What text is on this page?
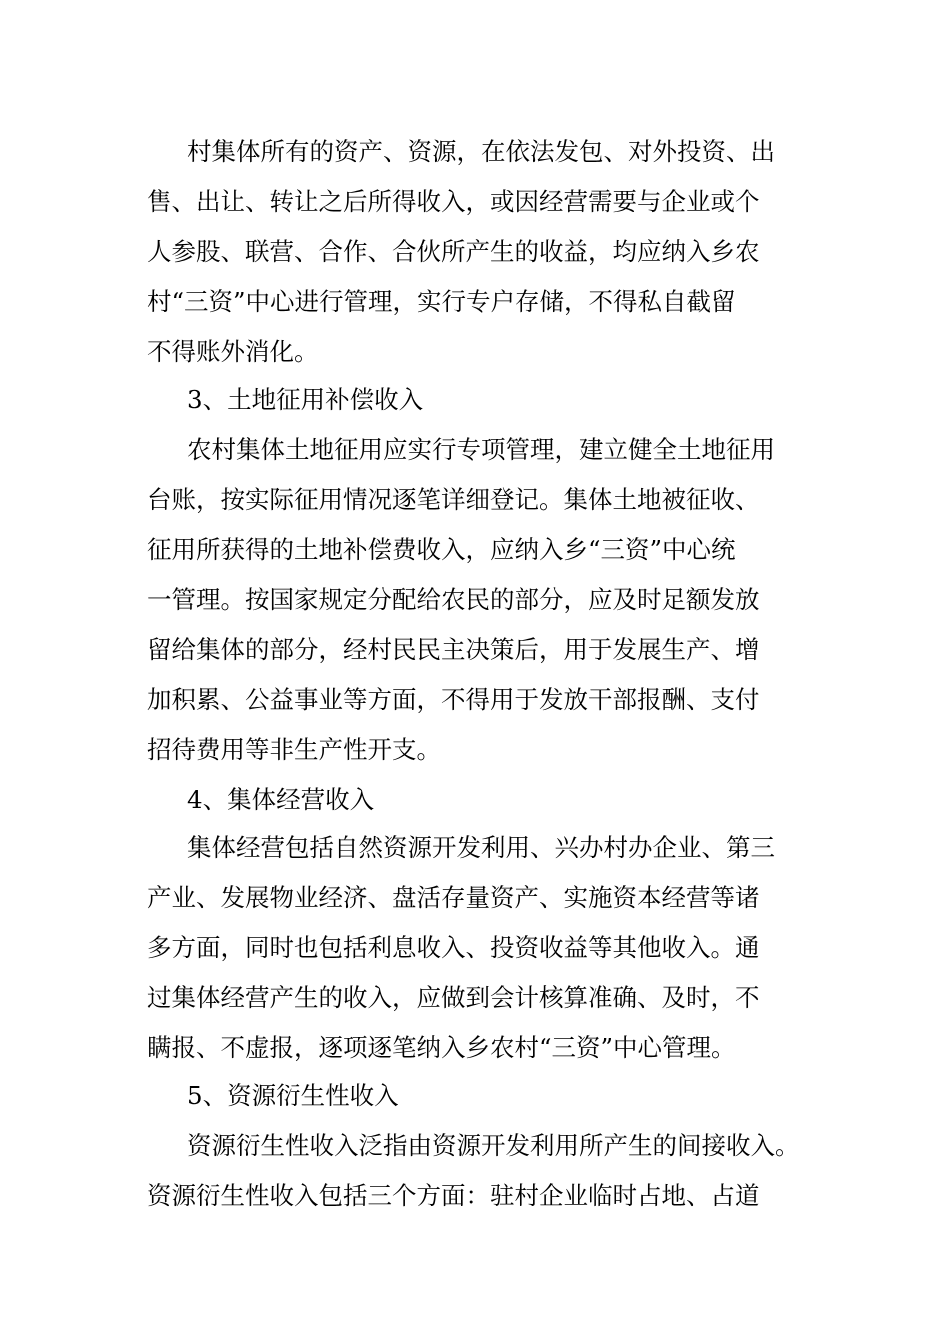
村集体所有的资产、资源，在依法发包、对外投资、出
售、出让、转让之后所得收入，或因经营需要与企业或个
人参股、联营、合作、合伙所产生的收益，均应纳入乡农
村“三资”中心进行管理，实行专户存储，不得私自截留
不得账外消化。
3、土地征用补偿收入
农村集体土地征用应实行专项管理，建立健全土地征用
台账，按实际征用情况逐笔详细登记。集体土地被征收、
征用所获得的土地补偿费收入，应纳入乡“三资”中心统
一管理。按国家规定分配给农民的部分，应及时足额发放
留给集体的部分，经村民民主决策后，用于发展生产、增
加积累、公益事业等方面，不得用于发放干部报酬、支付
招待费用等非生产性开支。
4、集体经营收入
集体经营包括自然资源开发利用、兴办村办企业、第三
产业、发展物业经济、盘活存量资产、实施资本经营等诸
多方面，同时也包括利息收入、投资收益等其他收入。通
过集体经营产生的收入，应做到会计核算准确、及时，不
瞒报、不虚报，逐项逐笔纳入乡农村“三资”中心管理。
5、资源衍生性收入
资源衍生性收入泛指由资源开发利用所产生的间接收入。
资源衍生性收入包括三个方面：驻村企业临时占地、占道
